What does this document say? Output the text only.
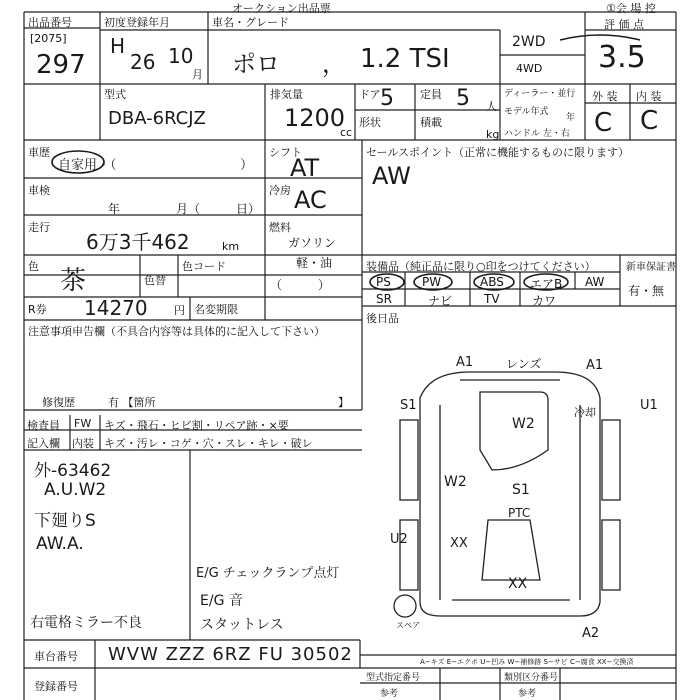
オークション出品票	①会 場 控
出品番号
[2075]
297
初度登録年月
H
26 10
月
車名・グレード
ポロ ， 1.2 TSI
2WD
4WD
評 価 点
3.5
型式
DBA-6RCJZ
排気量
1200
cc
ドア 5 定員 5 人
形状	積載
kg
ディーラー・並行
モデル年式
年
ハンドル 左・右
外 装
C
内 装
C
車歴
自家用・（	）
車検
年	月（	日）
走行
6万3千462	km
色 茶	色替
色コード
R券 14270 円 名変期限
シフト
AT
冷房 AC
燃料
ガソリン
軽・油
（　　　）
セールスポイント（正常に機能するものに限ります）
AW
装備品（純正品に限り○印をつけてください）	新車保証書
有・無
PS	PW	ABS エアB AW
SR	ナビ	TV	カワ
後日品
注意事項申告欄（不具合内容等は具体的に記入して下さい）
修復歴	有 【箇所	】
検査員
記入欄
FW キズ・飛石・ヒビ割・リペア跡・×要
内装 キズ・汚レ・コゲ・穴・スレ・キレ・破レ
外-63462
A.U.W2
下廻りS
AW.A.
E/G チェックランプ点灯
E/G 音
スタットレス
右電格ミラー不良
車台番号 WVW ZZZ 6RZ FU 30502
登録番号
A1	レンズ	A1
S1	U1
冷却
W2
W2	S1
PTC
U2	XX
XX
A2
スペア
A−キズ E−エクボ U−凹み W−補修跡 S−サビ C−腐食 XX−交換済
型式指定番号
参考
類別区分番号
参考
